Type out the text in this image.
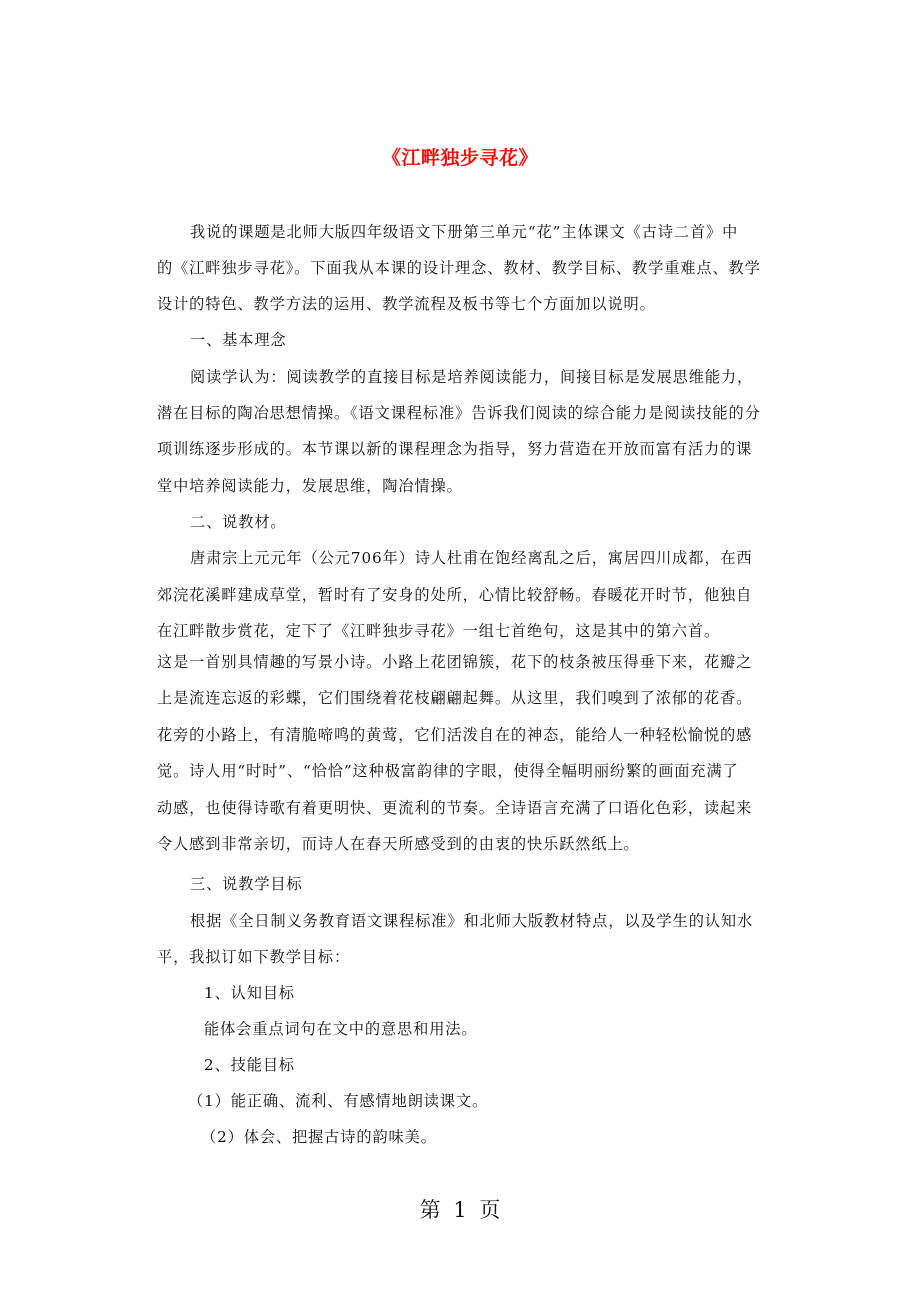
《江畔独步寻花》
我说的课题是北师大版四年级语文下册第三单元“花”主体课文《古诗二首》中
的《江畔独步寻花》。下面我从本课的设计理念、教材、教学目标、教学重难点、教学
设计的特色、教学方法的运用、教学流程及板书等七个方面加以说明。
一、基本理念
阅读学认为：阅读教学的直接目标是培养阅读能力，间接目标是发展思维能力，
潜在目标的陶冶思想情操。《语文课程标准》告诉我们阅读的综合能力是阅读技能的分
项训练逐步形成的。本节课以新的课程理念为指导，努力营造在开放而富有活力的课
堂中培养阅读能力，发展思维，陶冶情操。
二、说教材。
唐肃宗上元元年（公元706年）诗人杜甫在饱经离乱之后，寓居四川成都，在西
郊浣花溪畔建成草堂，暂时有了安身的处所，心情比较舒畅。春暖花开时节，他独自
在江畔散步赏花，定下了《江畔独步寻花》一组七首绝句，这是其中的第六首。
这是一首别具情趣的写景小诗。小路上花团锦簇，花下的枝条被压得垂下来，花瓣之
上是流连忘返的彩蝶，它们围绕着花枝翩翩起舞。从这里，我们嗅到了浓郁的花香。
花旁的小路上，有清脆啼鸣的黄莺，它们活泼自在的神态，能给人一种轻松愉悦的感
觉。诗人用“时时”、“恰恰”这种极富韵律的字眼，使得全幅明丽纷繁的画面充满了
动感，也使得诗歌有着更明快、更流利的节奏。全诗语言充满了口语化色彩，读起来
令人感到非常亲切，而诗人在春天所感受到的由衷的快乐跃然纸上。
三、说教学目标
根据《全日制义务教育语文课程标准》和北师大版教材特点，以及学生的认知水
平，我拟订如下教学目标：
1、认知目标
能体会重点词句在文中的意思和用法。
2、技能目标
（1）能正确、流利、有感情地朗读课文。
（2）体会、把握古诗的韵味美。
第 1 页
